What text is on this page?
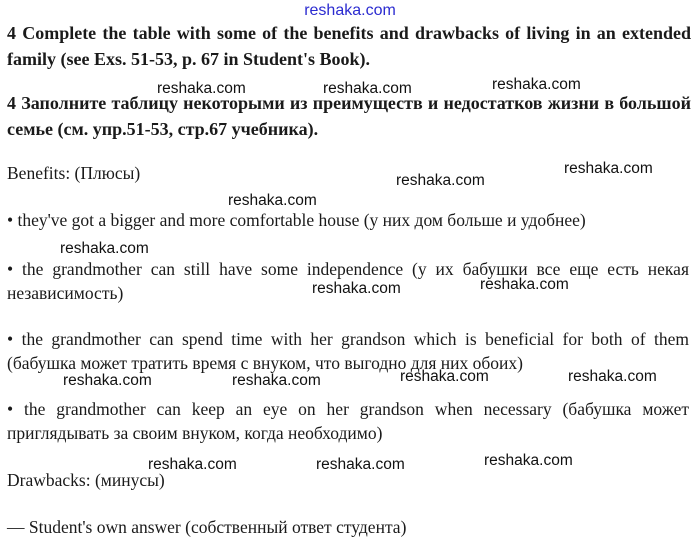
reshaka.com
4 Complete the table with some of the benefits and drawbacks of living in an extended family (see Exs. 51-53, p. 67 in Student's Book).
4 Заполните таблицу некоторыми из преимуществ и недостатков жизни в большой семье (см. упр.51-53, стр.67 учебника).
Benefits: (Плюсы)
• they've got a bigger and more comfortable house (у них дом больше и удобнее)
• the grandmother can still have some independence (у их бабушки все еще есть некая независимость)
• the grandmother can spend time with her grandson which is beneficial for both of them (бабушка может тратить время с внуком, что выгодно для них обоих)
• the grandmother can keep an eye on her grandson when necessary (бабушка может приглядывать за своим внуком, когда необходимо)
Drawbacks: (минусы)
— Student's own answer (собственный ответ студента)
reshaka.com	reshaka.com	reshaka.com
reshaka.com
reshaka.com
reshaka.com
reshaka.com
reshaka.com	reshaka.com
reshaka.com	reshaka.com	reshaka.com	reshaka.com
reshaka.com	reshaka.com	reshaka.com
